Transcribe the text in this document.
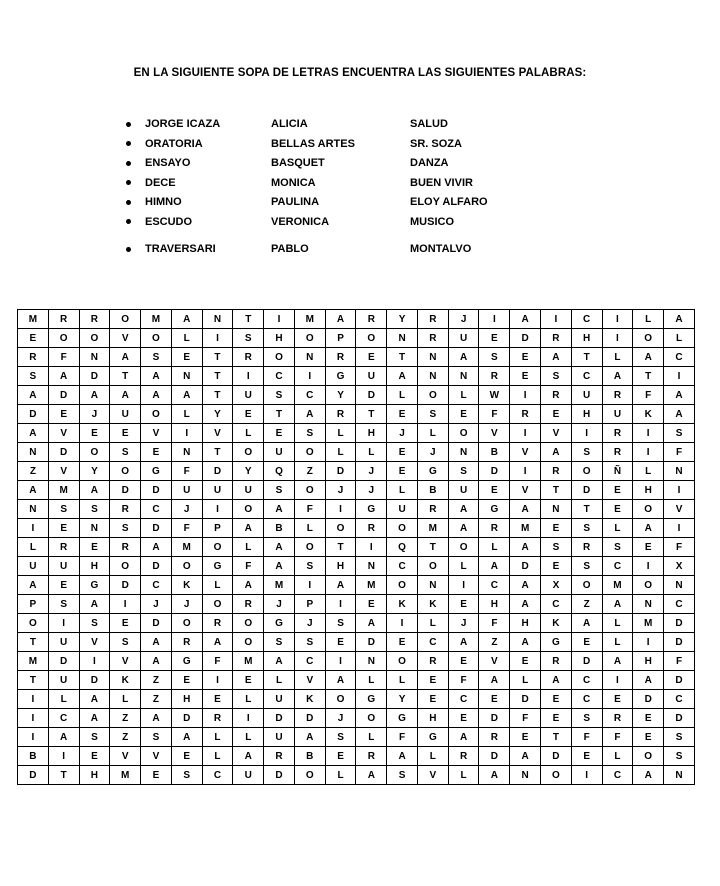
EN LA SIGUIENTE SOPA DE LETRAS ENCUENTRA LAS SIGUIENTES PALABRAS:
JORGE ICAZA
ORATORIA
ENSAYO
DECE
HIMNO
ESCUDO
TRAVERSARI
ALICIA
BELLAS ARTES
BASQUET
MONICA
PAULINA
VERONICA
PABLO
SALUD
SR. SOZA
DANZA
BUEN VIVIR
ELOY ALFARO
MUSICO
MONTALVO
M	R	R	O	M	A	N	T	I	M	A	R	Y	R	J	I	A	I	C	I	L	A
E	O	O	V	O	L	I	S	H	O	P	O	N	R	U	E	D	R	H	I	O	L
R	F	N	A	S	E	T	R	O	N	R	E	T	N	A	S	E	A	T	L	A	C
S	A	D	T	A	N	T	I	C	I	G	U	A	N	N	R	E	S	C	A	T	I
A	D	A	A	A	A	T	U	S	C	Y	D	L	O	L	W	I	R	U	R	F	A
D	E	J	U	O	L	Y	E	T	A	R	T	E	S	E	F	R	E	H	U	K	A
A	V	E	E	V	I	V	L	E	S	L	H	J	L	O	V	I	V	I	R	I	S
N	D	O	S	E	N	T	O	U	O	L	L	E	J	N	B	V	A	S	R	I	F
Z	V	Y	O	G	F	D	Y	Q	Z	D	J	E	G	S	D	I	R	O	Ñ	L	N
A	M	A	D	D	U	U	U	S	O	J	J	L	B	U	E	V	T	D	E	H	I
N	S	S	R	C	J	I	O	A	F	I	G	U	R	A	G	A	N	T	E	O	V
I	E	N	S	D	F	P	A	B	L	O	R	O	M	A	R	M	E	S	L	A	I
L	R	E	R	A	M	O	L	A	O	T	I	Q	T	O	L	A	S	R	S	E	F
U	U	H	O	D	O	G	F	A	S	H	N	C	O	L	A	D	E	S	C	I	X
A	E	G	D	C	K	L	A	M	I	A	M	O	N	I	C	A	X	O	M	O	N
P	S	A	I	J	J	O	R	J	P	I	E	K	K	E	H	A	C	Z	A	N	C
O	I	S	E	D	O	R	O	G	J	S	A	I	L	J	F	H	K	A	L	M	D
T	U	V	S	A	R	A	O	S	S	E	D	E	C	A	Z	A	G	E	L	I	D
M	D	I	V	A	G	F	M	A	C	I	N	O	R	E	V	E	R	D	A	H	F
T	U	D	K	Z	E	I	E	L	V	A	L	L	E	F	A	L	A	C	I	A	D
I	L	A	L	Z	H	E	L	U	K	O	G	Y	E	C	E	D	E	C	E	D	C
I	C	A	Z	A	D	R	I	D	D	J	O	G	H	E	D	F	E	S	R	E	D
I	A	S	Z	S	A	L	L	U	A	S	L	F	G	A	R	E	T	F	F	E	S
B	I	E	V	V	E	L	A	R	B	E	R	A	L	R	D	A	D	E	L	O	S
D	T	H	M	E	S	C	U	D	O	L	A	S	V	L	A	N	O	I	C	A	N
